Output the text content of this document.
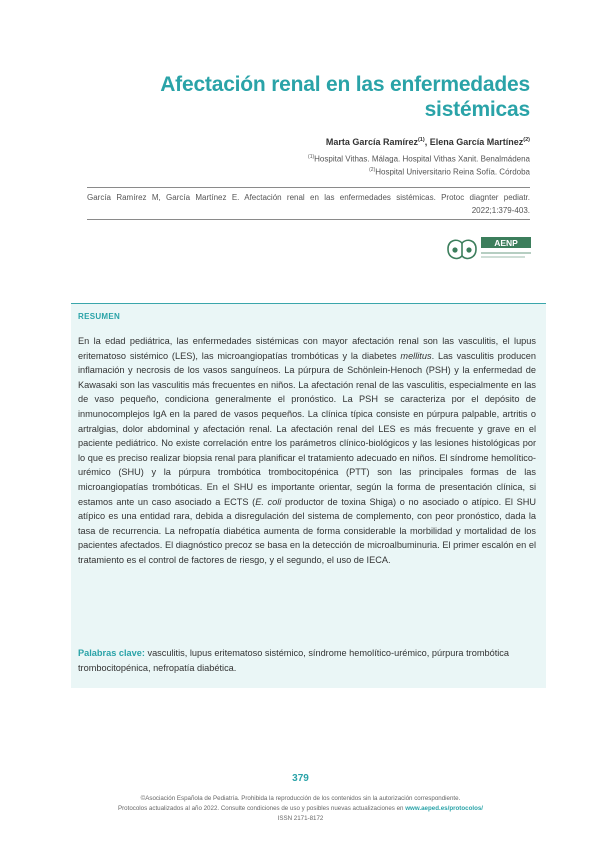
Afectación renal en las enfermedades
sistémicas
Marta García Ramírez$^{(1)}$, Elena García Martínez$^{(2)}$
$^{(1)}$Hospital Vithas. Málaga. Hospital Vithas Xanit. Benalmádena
$^{(2)}$Hospital Universitario Reina Sofía. Córdoba
García Ramírez M, García Martínez E. Afectación renal en las enfermedades sistémicas. Protoc diagnter pediatr. 2022;1:379-403.
AENP
RESUMEN

En la edad pediátrica, las enfermedades sistémicas con mayor afectación renal son las vasculitis, el lupus eritematoso sistémico (LES), las microangiopatías trombóticas y la diabetes mellitus. Las vasculitis producen inflamación y necrosis de los vasos sanguíneos. La púrpura de Schönlein-Henoch (PSH) y la enfermedad de Kawasaki son las vasculitis más frecuentes en niños. La afectación renal de las vasculitis, especialmente en las de vaso pequeño, condiciona generalmente el pronóstico. La PSH se caracteriza por el depósito de inmunocomplejos IgA en la pared de vasos pequeños. La clínica típica consiste en púrpura palpable, artritis o artralgias, dolor abdominal y afectación renal. La afectación renal del LES es más frecuente y grave en el paciente pediátrico. No existe correlación entre los parámetros clínico-biológicos y las lesiones histológicas por lo que es preciso realizar biopsia renal para planificar el tratamiento adecuado en niños. El síndrome hemolítico-urémico (SHU) y la púrpura trombótica trombocitopénica (PTT) son las principales formas de las microangiopatías trombóticas. En el SHU es importante orientar, según la forma de presentación clínica, si estamos ante un caso asociado a ECTS (E. coli productor de toxina Shiga) o no asociado o atípico. El SHU atípico es una entidad rara, debida a disregulación del sistema de complemento, con peor pronóstico, dada la tasa de recurrencia. La nefropatía diabética aumenta de forma considerable la morbilidad y mortalidad de los pacientes afectados. El diagnóstico precoz se basa en la detección de microalbuminuria. El primer escalón en el tratamiento es el control de factores de riesgo, y el segundo, el uso de IECA.

Palabras clave: vasculitis, lupus eritematoso sistémico, síndrome hemolítico-urémico, púrpura trombótica trombocitopénica, nefropatía diabética.

379
©Asociación Española de Pediatría. Prohibida la reproducción de los contenidos sin la autorización correspondiente.
Protocolos actualizados al año 2022. Consulte condiciones de uso y posibles nuevas actualizaciones en www.aeped.es/protocolos/
ISSN 2171-8172
